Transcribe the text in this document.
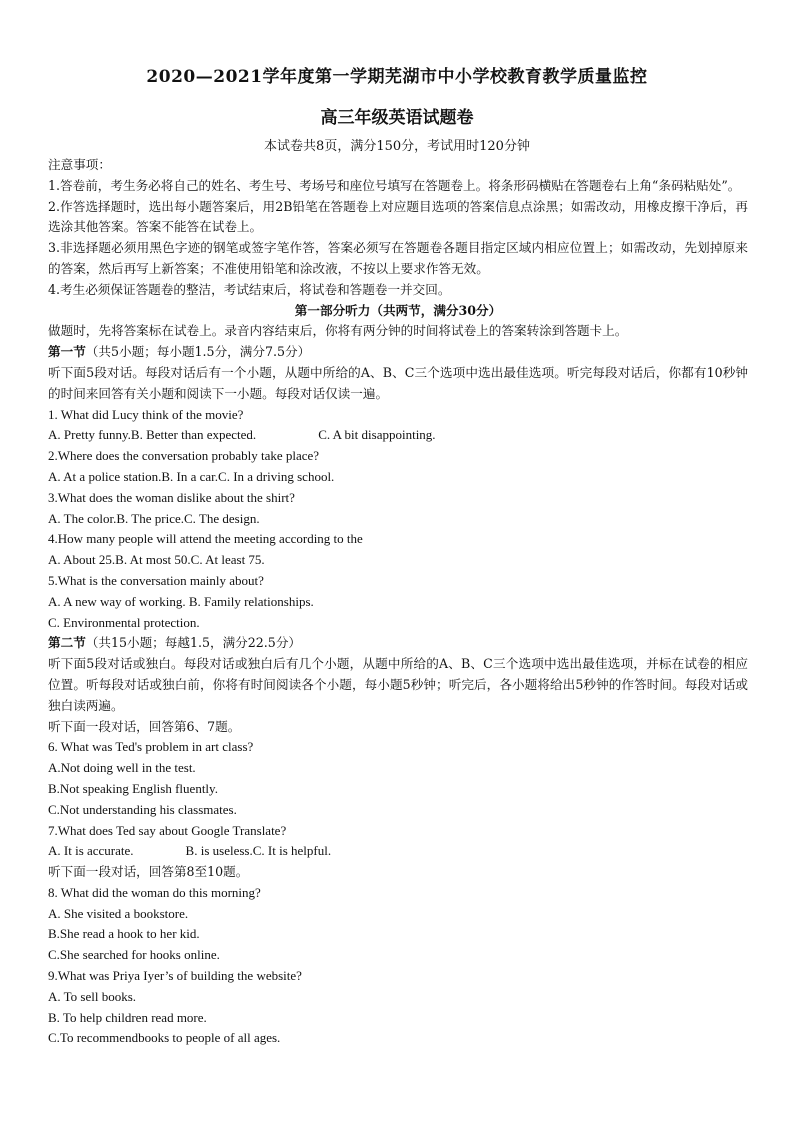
2020—2021学年度第一学期芜湖市中小学校教育教学质量监控
高三年级英语试题卷
本试卷共8页，满分150分，考试用时120分钟

注意事项：

1.答卷前，考生务必将自己的姓名、考生号、考场号和座位号填写在答题卷上。将条形码横贴在答题卷右上角“条码粘贴处”。

2.作答选择题时，选出每小题答案后，用2B铅笔在答题卷上对应题目选项的答案信息点涂黑；如需改动，用橡皮擦干净后，再选涂其他答案。答案不能答在试卷上。

3.非选择题必须用黑色字迹的钢笔或签字笔作答，答案必须写在答题卷各题目指定区域内相应位置上；如需改动，先划掉原来的答案，然后再写上新答案；不准使用铅笔和涂改液，不按以上要求作答无效。

4.考生必须保证答题卷的整洁，考试结束后，将试卷和答题卷一并交回。

第一部分听力（共两节，满分30分）

做题时，先将答案标在试卷上。录音内容结束后，你将有两分钟的时间将试卷上的答案转涂到答题卡上。

第一节（共5小题；每小题1.5分，满分7.5分）

听下面5段对话。每段对话后有一个小题，从题中所给的A、B、C三个选项中选出最佳选项。听完每段对话后，你都有10秒钟的时间来回答有关小题和阅读下一小题。每段对话仅读一遍。

1. What did Lucy think of the movie?

A. Pretty funny.B. Better than expected.	C. A bit disappointing.

2.Where does the conversation probably take place?

A. At a police station.B. In a car.C. In a driving school.

3.What does the woman dislike about the shirt?

A. The color.B. The price.C. The design.

4.How many people will attend the meeting according to the

A. About 25.B. At most 50.C. At least 75.

5.What is the conversation mainly about?

A. A new way of working. B. Family relationships.

C. Environmental protection.

第二节（共15小题；每越1.5，满分22.5分）

听下面5段对话或独白。每段对话或独白后有几个小题，从题中所给的A、B、C三个选项中选出最佳选项，并标在试卷的相应位置。听每段对话或独白前，你将有时间阅读各个小题，每小题5秒钟；听完后，各小题将给出5秒钟的作答时间。每段对话或独白读两遍。

听下面一段对话，回答第6、7题。

6. What was Ted's problem in art class?

A.Not doing well in the test.

B.Not speaking English fluently.

C.Not understanding his classmates.

7.What does Ted say about Google Translate?

A. It is accurate.	B. is useless.C. It is helpful.

听下面一段对话，回答第8至10题。

8. What did the woman do this morning?

A. She visited a bookstore.

B.She read a hook to her kid.

C.She searched for hooks online.

9.What was Priya Iyer’s of building the website?

A. To sell books.

B. To help children read more.

C.To recommendbooks to people of all ages.
